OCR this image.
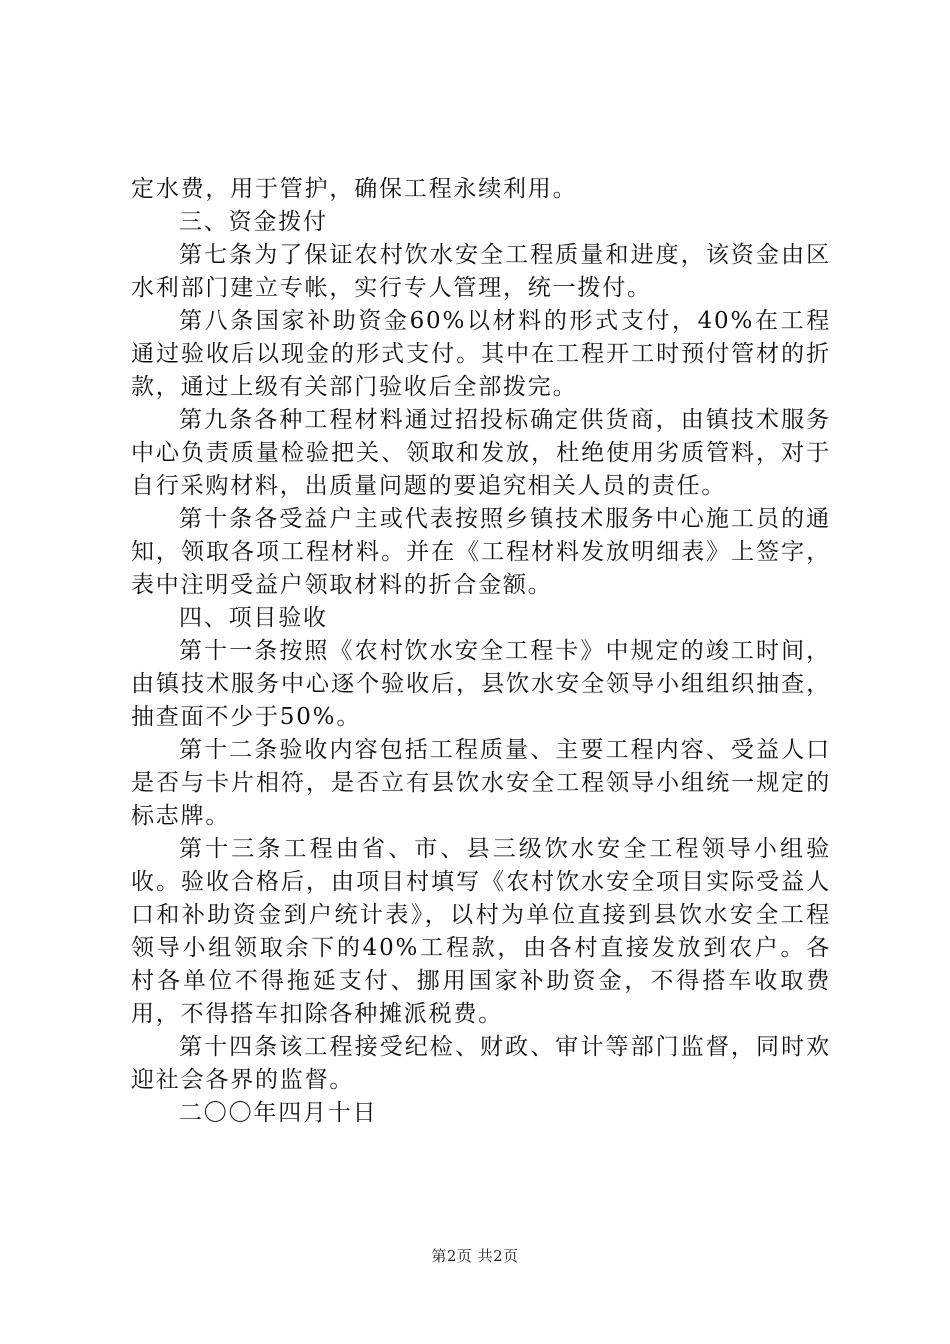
定水费，用于管护，确保工程永续利用。

三、资金拨付

第七条为了保证农村饮水安全工程质量和进度，该资金由区水利部门建立专帐，实行专人管理，统一拨付。

第八条国家补助资金60%以材料的形式支付，40%在工程通过验收后以现金的形式支付。其中在工程开工时预付管材的折款，通过上级有关部门验收后全部拨完。

第九条各种工程材料通过招投标确定供货商，由镇技术服务中心负责质量检验把关、领取和发放，杜绝使用劣质管料，对于自行采购材料，出质量问题的要追究相关人员的责任。

第十条各受益户主或代表按照乡镇技术服务中心施工员的通知，领取各项工程材料。并在《工程材料发放明细表》上签字，表中注明受益户领取材料的折合金额。

四、项目验收

第十一条按照《农村饮水安全工程卡》中规定的竣工时间，由镇技术服务中心逐个验收后，县饮水安全领导小组组织抽查，抽查面不少于50%。

第十二条验收内容包括工程质量、主要工程内容、受益人口是否与卡片相符，是否立有县饮水安全工程领导小组统一规定的标志牌。

第十三条工程由省、市、县三级饮水安全工程领导小组验收。验收合格后，由项目村填写《农村饮水安全项目实际受益人口和补助资金到户统计表》，以村为单位直接到县饮水安全工程领导小组领取余下的40%工程款，由各村直接发放到农户。各村各单位不得拖延支付、挪用国家补助资金，不得搭车收取费用，不得搭车扣除各种摊派税费。

第十四条该工程接受纪检、财政、审计等部门监督，同时欢迎社会各界的监督。

二〇〇年四月十日

第2页 共2页
